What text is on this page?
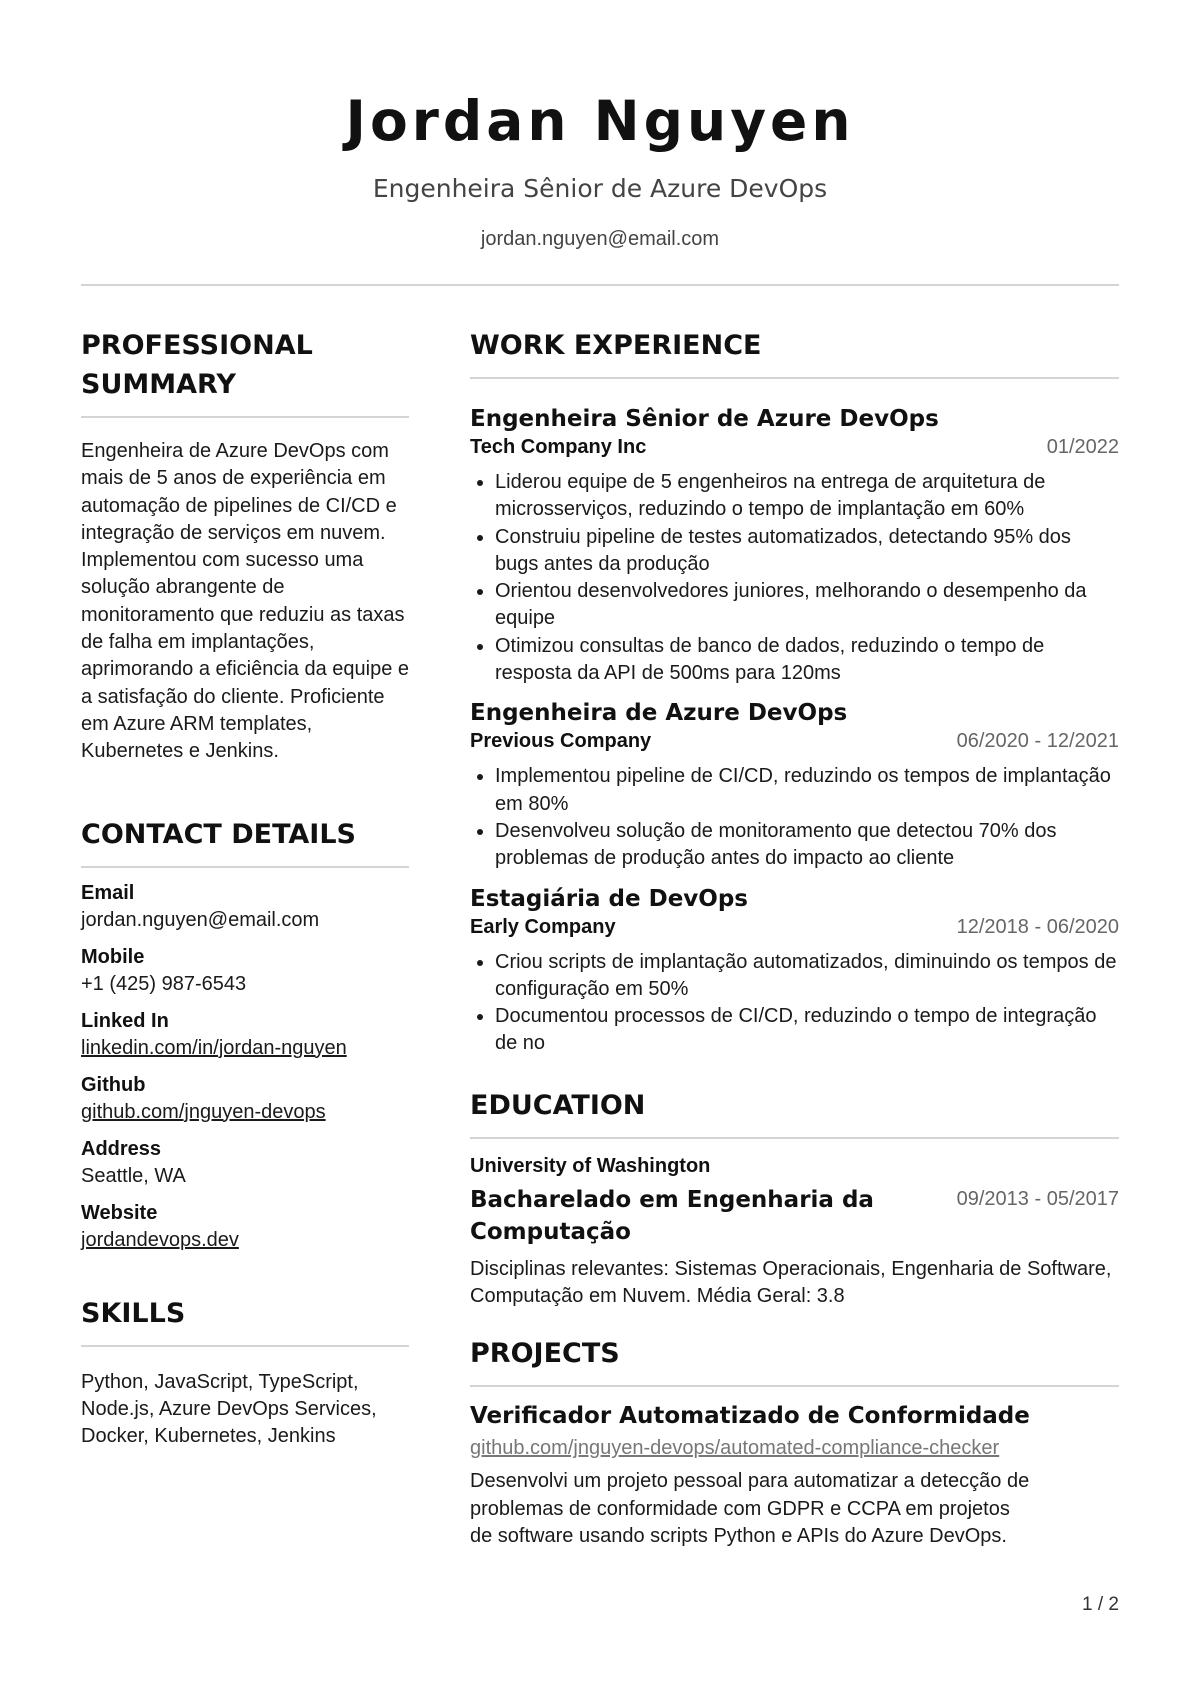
Jordan Nguyen
Engenheira Sênior de Azure DevOps
jordan.nguyen@email.com
PROFESSIONAL
SUMMARY
Engenheira de Azure DevOps com mais de 5 anos de experiência em automação de pipelines de CI/CD e integração de serviços em nuvem. Implementou com sucesso uma solução abrangente de monitoramento que reduziu as taxas de falha em implantações, aprimorando a eficiência da equipe e a satisfação do cliente. Proficiente em Azure ARM templates, Kubernetes e Jenkins.
CONTACT DETAILS
Email
jordan.nguyen@email.com
Mobile
+1 (425) 987-6543
Linked In
linkedin.com/in/jordan-nguyen
Github
github.com/jnguyen-devops
Address
Seattle, WA
Website
jordandevops.dev
SKILLS
Python, JavaScript, TypeScript, Node.js, Azure DevOps Services, Docker, Kubernetes, Jenkins
WORK EXPERIENCE
Engenheira Sênior de Azure DevOps
Tech Company Inc	01/2022
• Liderou equipe de 5 engenheiros na entrega de arquitetura de microsserviços, reduzindo o tempo de implantação em 60%
• Construiu pipeline de testes automatizados, detectando 95% dos bugs antes da produção
• Orientou desenvolvedores juniores, melhorando o desempenho da equipe
• Otimizou consultas de banco de dados, reduzindo o tempo de resposta da API de 500ms para 120ms
Engenheira de Azure DevOps
Previous Company	06/2020 - 12/2021
• Implementou pipeline de CI/CD, reduzindo os tempos de implantação em 80%
• Desenvolveu solução de monitoramento que detectou 70% dos problemas de produção antes do impacto ao cliente
Estagiária de DevOps
Early Company	12/2018 - 06/2020
• Criou scripts de implantação automatizados, diminuindo os tempos de configuração em 50%
• Documentou processos de CI/CD, reduzindo o tempo de integração de no
EDUCATION
University of Washington
Bacharelado em Engenharia da Computação
09/2013 - 05/2017
Disciplinas relevantes: Sistemas Operacionais, Engenharia de Software, Computação em Nuvem. Média Geral: 3.8
PROJECTS
Verificador Automatizado de Conformidade
github.com/jnguyen-devops/automated-compliance-checker
Desenvolvi um projeto pessoal para automatizar a detecção de problemas de conformidade com GDPR e CCPA em projetos de software usando scripts Python e APIs do Azure DevOps.
1 / 2
